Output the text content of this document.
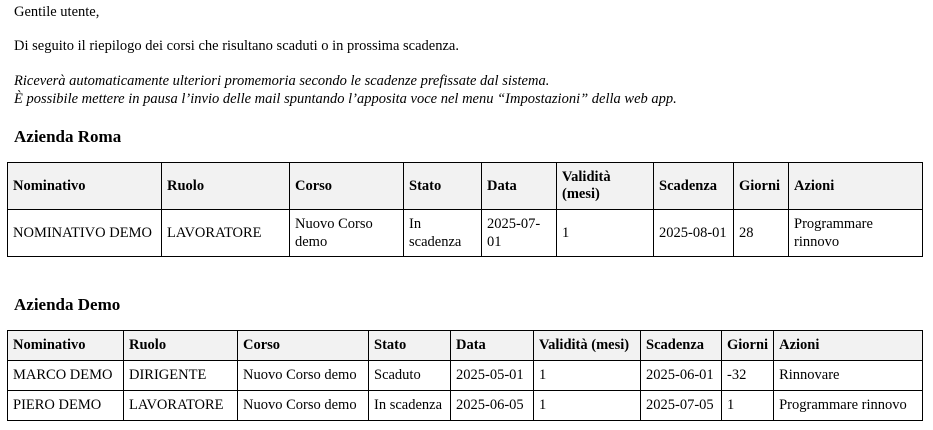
Gentile utente,
Di seguito il riepilogo dei corsi che risultano scaduti o in prossima scadenza.
Riceverà automaticamente ulteriori promemoria secondo le scadenze prefissate dal sistema.
È possibile mettere in pausa l’invio delle mail spuntando l’apposita voce nel menu “Impostazioni” della web app.
Azienda Roma
Nominativo	Ruolo	Corso	Stato	Data	Validità (mesi)	Scadenza	Giorni	Azioni
NOMINATIVO DEMO	LAVORATORE	Nuovo Corso demo	In scadenza	2025-07-01	1	2025-08-01	28	Programmare rinnovo
Azienda Demo
Nominativo	Ruolo	Corso	Stato	Data	Validità (mesi)	Scadenza	Giorni	Azioni
MARCO DEMO	DIRIGENTE	Nuovo Corso demo	Scaduto	2025-05-01	1	2025-06-01	-32	Rinnovare
PIERO DEMO	LAVORATORE	Nuovo Corso demo	In scadenza	2025-06-05	1	2025-07-05	1	Programmare rinnovo
